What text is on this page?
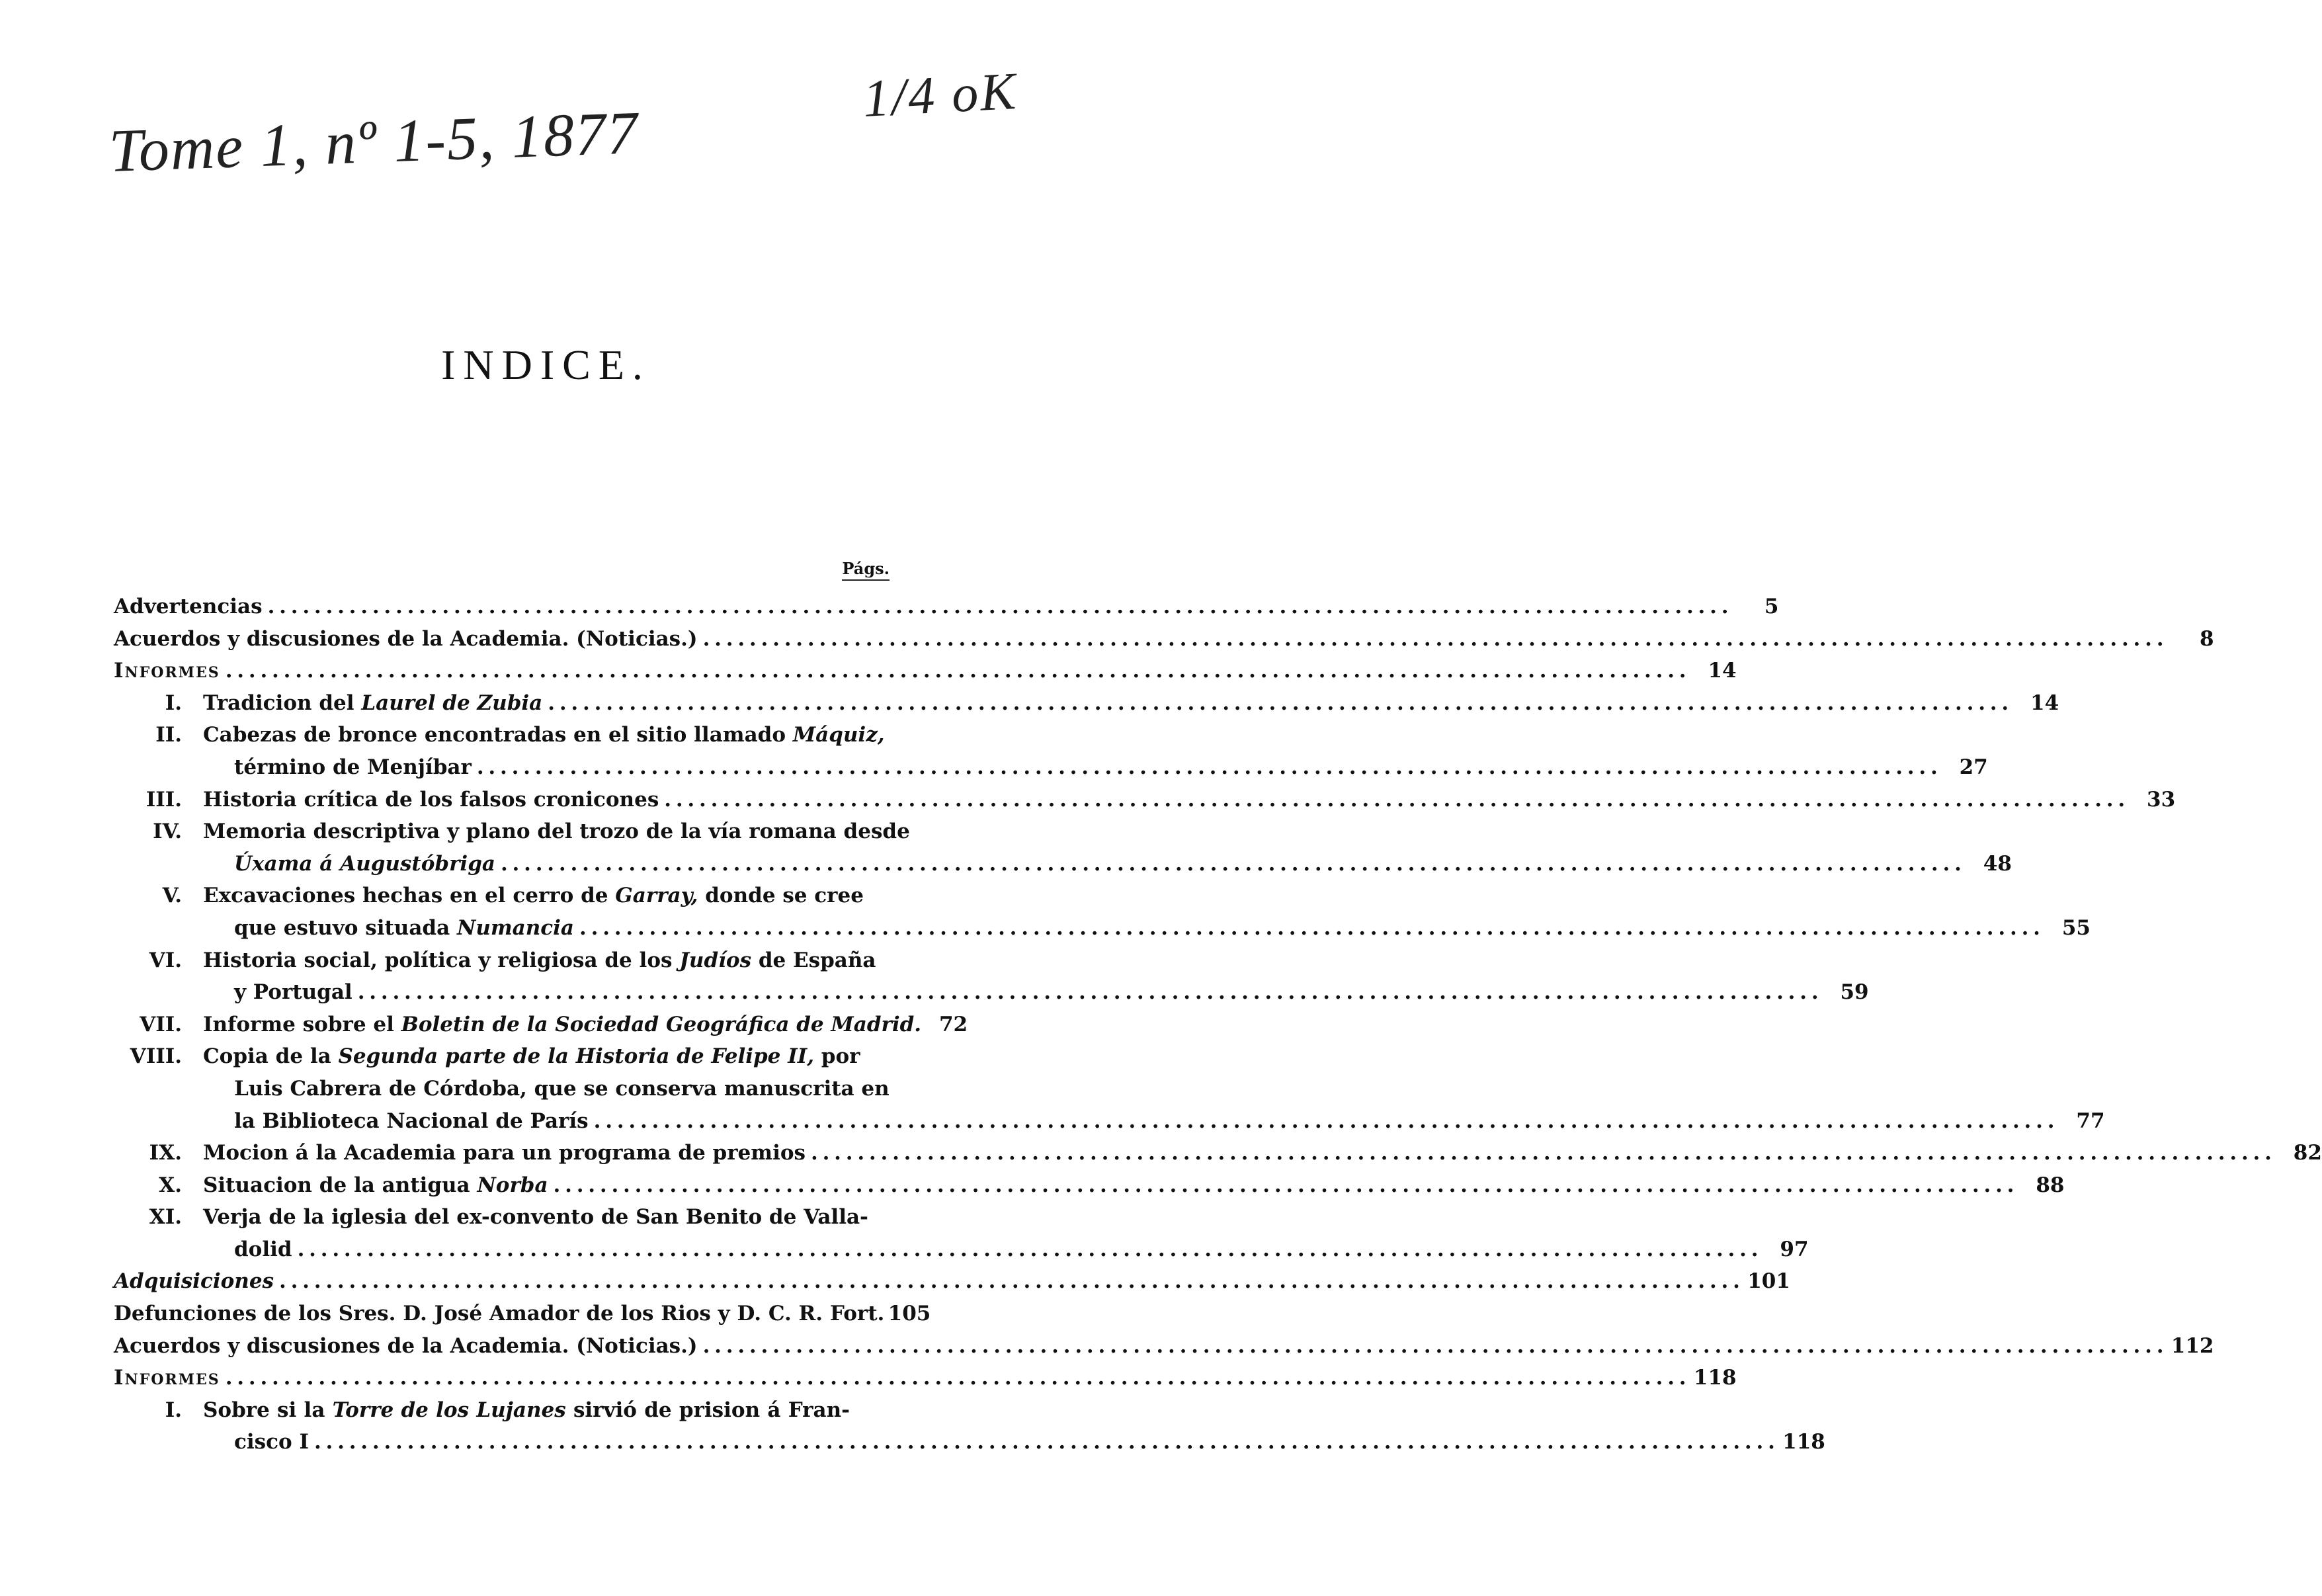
Tome 1, nº 1-5, 1877
1/4 oK
INDICE.
Págs.
Advertencias . . .	5
Acuerdos y discusiones de la Academia. (Noticias.) . . .	8
Informes . . .	14
I.	Tradicion del Laurel de Zubia . . .	14
II.	Cabezas de bronce encontradas en el sitio llamado Máquiz,
término de Menjíbar . . .	27
III.	Historia crítica de los falsos cronicones . . .	33
IV.	Memoria descriptiva y plano del trozo de la vía romana desde
Úxama á Augustóbriga . . .	48
V.	Excavaciones hechas en el cerro de Garray, donde se cree
que estuvo situada Numancia . . .	55
VI.	Historia social, política y religiosa de los Judíos de España
y Portugal . . .	59
VII.	Informe sobre el Boletin de la Sociedad Geográfica de Madrid. 72
VIII.	Copia de la Segunda parte de la Historia de Felipe II, por
Luis Cabrera de Córdoba, que se conserva manuscrita en
la Biblioteca Nacional de París . . .	77
IX.	Mocion á la Academia para un programa de premios . . .	82
X.	Situacion de la antigua Norba . . .	88
XI.	Verja de la iglesia del ex-convento de San Benito de Valla-
dolid . . .	97
Adquisiciones . . .	101
Defunciones de los Sres. D. José Amador de los Rios y D. C. R. Fort. 105
Acuerdos y discusiones de la Academia. (Noticias.) . . .	112
Informes . . .	118
I.	Sobre si la Torre de los Lujanes sirvió de prision á Fran-
cisco I . . .	118
